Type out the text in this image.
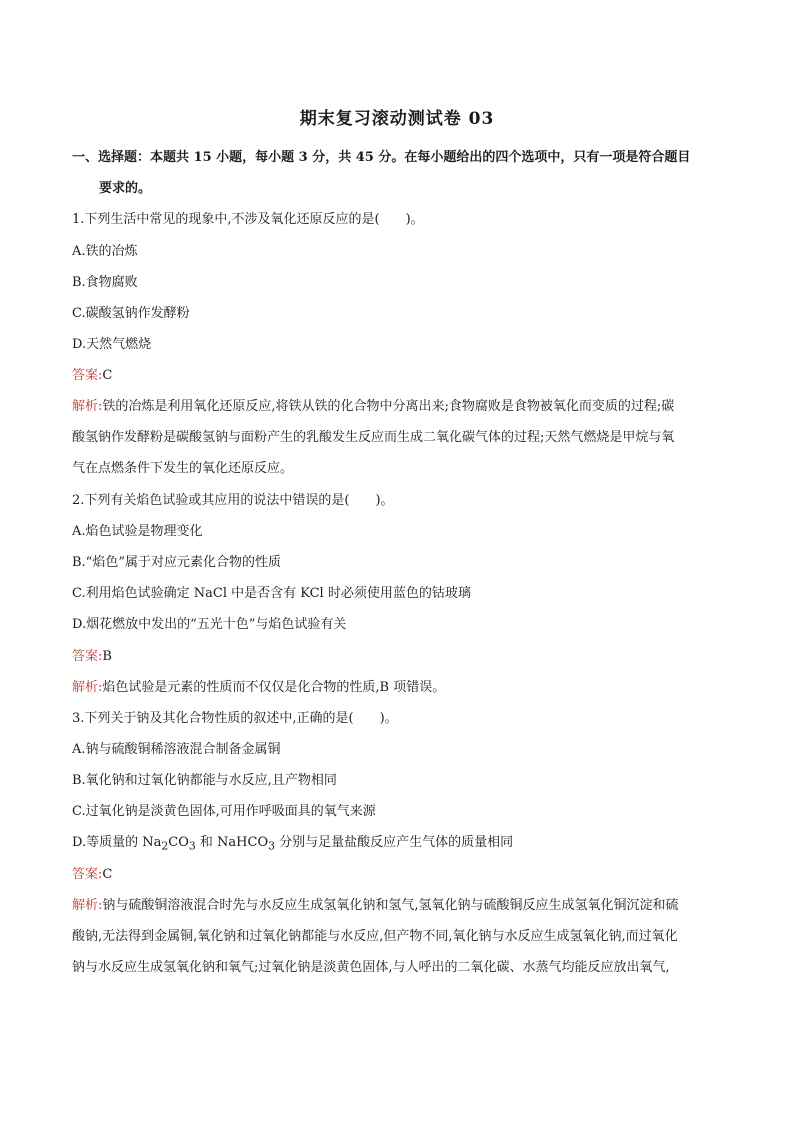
期末复习滚动测试卷 03
一、选择题：本题共 15 小题，每小题 3 分，共 45 分。在每小题给出的四个选项中，只有一项是符合题目
要求的。
1.下列生活中常见的现象中,不涉及氧化还原反应的是(　　)。
A.铁的冶炼
B.食物腐败
C.碳酸氢钠作发酵粉
D.天然气燃烧
答案:C
解析:铁的冶炼是利用氧化还原反应,将铁从铁的化合物中分离出来;食物腐败是食物被氧化而变质的过程;碳
酸氢钠作发酵粉是碳酸氢钠与面粉产生的乳酸发生反应而生成二氧化碳气体的过程;天然气燃烧是甲烷与氧
气在点燃条件下发生的氧化还原反应。
2.下列有关焰色试验或其应用的说法中错误的是(　　)。
A.焰色试验是物理变化
B.“焰色”属于对应元素化合物的性质
C.利用焰色试验确定 NaCl 中是否含有 KCl 时必须使用蓝色的钴玻璃
D.烟花燃放中发出的“五光十色”与焰色试验有关
答案:B
解析:焰色试验是元素的性质而不仅仅是化合物的性质,B 项错误。
3.下列关于钠及其化合物性质的叙述中,正确的是(　　)。
A.钠与硫酸铜稀溶液混合制备金属铜
B.氧化钠和过氧化钠都能与水反应,且产物相同
C.过氧化钠是淡黄色固体,可用作呼吸面具的氧气来源
D.等质量的 $Na_2CO_3$ 和 NaHCO$_3$ 分别与足量盐酸反应产生气体的质量相同
答案:C
解析:钠与硫酸铜溶液混合时先与水反应生成氢氧化钠和氢气,氢氧化钠与硫酸铜反应生成氢氧化铜沉淀和硫
酸钠,无法得到金属铜,氧化钠和过氧化钠都能与水反应,但产物不同,氧化钠与水反应生成氢氧化钠,而过氧化
钠与水反应生成氢氧化钠和氧气;过氧化钠是淡黄色固体,与人呼出的二氧化碳、水蒸气均能反应放出氧气,
